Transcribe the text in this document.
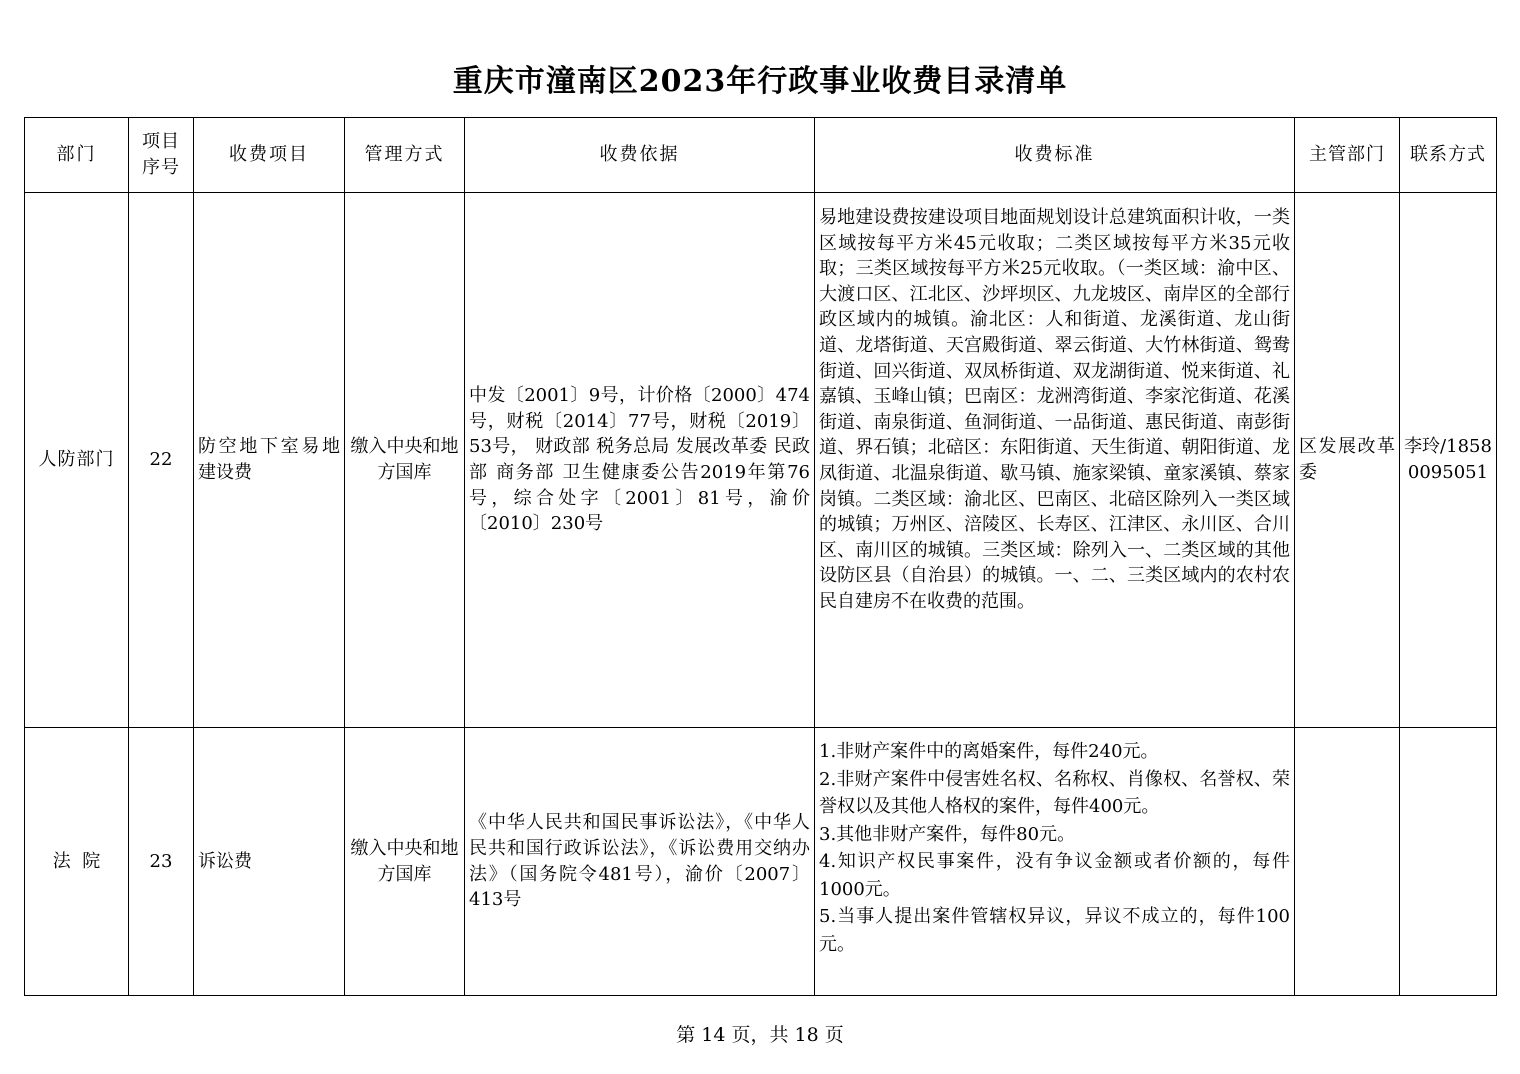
重庆市潼南区2023年行政事业收费目录清单
部门	项目序号	收费项目	管理方式	收费依据	收费标准	主管部门	联系方式
人防部门	22	防空地下室易地建设费	缴入中央和地方国库	中发〔2001〕9号，计价格〔2000〕474号，财税〔2014〕77号，财税〔2019〕53号， 财政部 税务总局 发展改革委 民政部 商务部 卫生健康委公告2019年第76号，综合处字〔2001〕81号，渝价〔2010〕230号	易地建设费按建设项目地面规划设计总建筑面积计收，一类区域按每平方米45元收取；二类区域按每平方米35元收取；三类区域按每平方米25元收取。（一类区域：渝中区、大渡口区、江北区、沙坪坝区、九龙坡区、南岸区的全部行政区域内的城镇。渝北区：人和街道、龙溪街道、龙山街道、龙塔街道、天宫殿街道、翠云街道、大竹林街道、鸳鸯街道、回兴街道、双凤桥街道、双龙湖街道、悦来街道、礼嘉镇、玉峰山镇；巴南区：龙洲湾街道、李家沱街道、花溪街道、南泉街道、鱼洞街道、一品街道、惠民街道、南彭街道、界石镇；北碚区：东阳街道、天生街道、朝阳街道、龙凤街道、北温泉街道、歇马镇、施家梁镇、童家溪镇、蔡家岗镇。二类区域：渝北区、巴南区、北碚区除列入一类区域的城镇；万州区、涪陵区、长寿区、江津区、永川区、合川区、南川区的城镇。三类区域：除列入一、二类区域的其他设防区县（自治县）的城镇。一、二、三类区域内的农村农民自建房不在收费的范围。	区发展改革委	李玲/18580095051
法  院	23	诉讼费	缴入中央和地方国库	《中华人民共和国民事诉讼法》，《中华人民共和国行政诉讼法》，《诉讼费用交纳办法》（国务院令481号），渝价〔2007〕413号	1.非财产案件中的离婚案件，每件240元。
2.非财产案件中侵害姓名权、名称权、肖像权、名誉权、荣誉权以及其他人格权的案件，每件400元。
3.其他非财产案件，每件80元。
4.知识产权民事案件，没有争议金额或者价额的，每件1000元。
5.当事人提出案件管辖权异议，异议不成立的，每件100元。		

第 14 页，共 18 页
